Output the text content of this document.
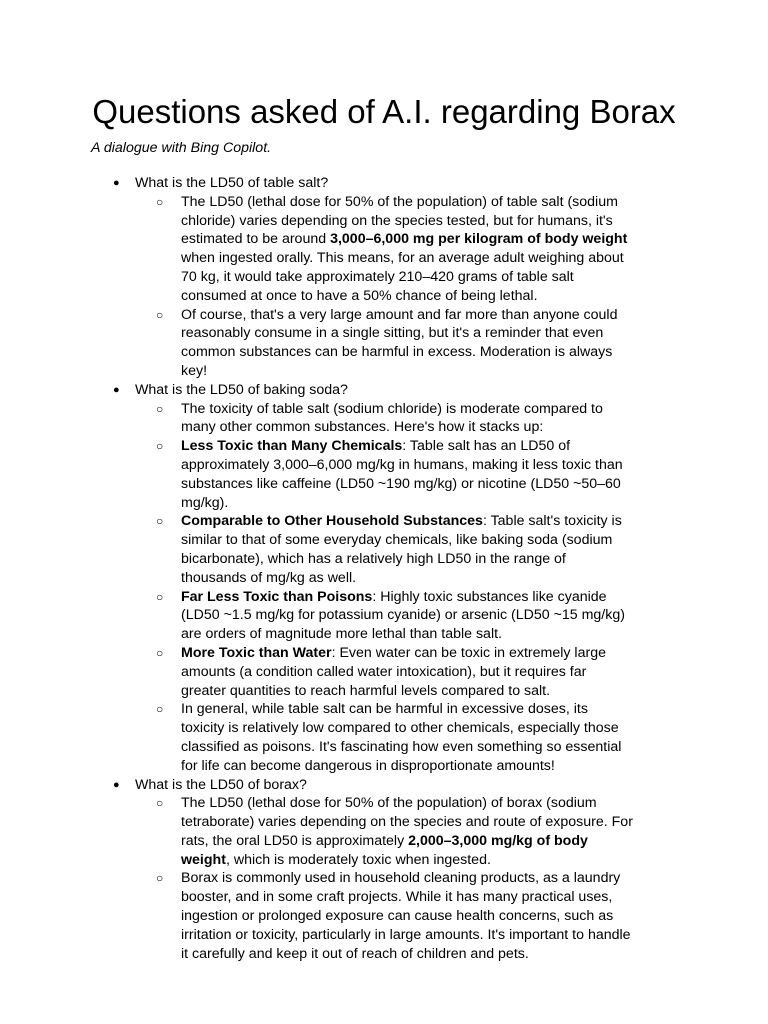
Questions asked of A.I. regarding Borax

A dialogue with Bing Copilot.

● What is the LD50 of table salt?
○ The LD50 (lethal dose for 50% of the population) of table salt (sodium chloride) varies depending on the species tested, but for humans, it's estimated to be around 3,000–6,000 mg per kilogram of body weight when ingested orally. This means, for an average adult weighing about 70 kg, it would take approximately 210–420 grams of table salt consumed at once to have a 50% chance of being lethal.
○ Of course, that's a very large amount and far more than anyone could reasonably consume in a single sitting, but it's a reminder that even common substances can be harmful in excess. Moderation is always key!
● What is the LD50 of baking soda?
○ The toxicity of table salt (sodium chloride) is moderate compared to many other common substances. Here's how it stacks up:
○ Less Toxic than Many Chemicals: Table salt has an LD50 of approximately 3,000–6,000 mg/kg in humans, making it less toxic than substances like caffeine (LD50 ~190 mg/kg) or nicotine (LD50 ~50–60 mg/kg).
○ Comparable to Other Household Substances: Table salt's toxicity is similar to that of some everyday chemicals, like baking soda (sodium bicarbonate), which has a relatively high LD50 in the range of thousands of mg/kg as well.
○ Far Less Toxic than Poisons: Highly toxic substances like cyanide (LD50 ~1.5 mg/kg for potassium cyanide) or arsenic (LD50 ~15 mg/kg) are orders of magnitude more lethal than table salt.
○ More Toxic than Water: Even water can be toxic in extremely large amounts (a condition called water intoxication), but it requires far greater quantities to reach harmful levels compared to salt.
○ In general, while table salt can be harmful in excessive doses, its toxicity is relatively low compared to other chemicals, especially those classified as poisons. It's fascinating how even something so essential for life can become dangerous in disproportionate amounts!
● What is the LD50 of borax?
○ The LD50 (lethal dose for 50% of the population) of borax (sodium tetraborate) varies depending on the species and route of exposure. For rats, the oral LD50 is approximately 2,000–3,000 mg/kg of body weight, which is moderately toxic when ingested.
○ Borax is commonly used in household cleaning products, as a laundry booster, and in some craft projects. While it has many practical uses, ingestion or prolonged exposure can cause health concerns, such as irritation or toxicity, particularly in large amounts. It's important to handle it carefully and keep it out of reach of children and pets.
